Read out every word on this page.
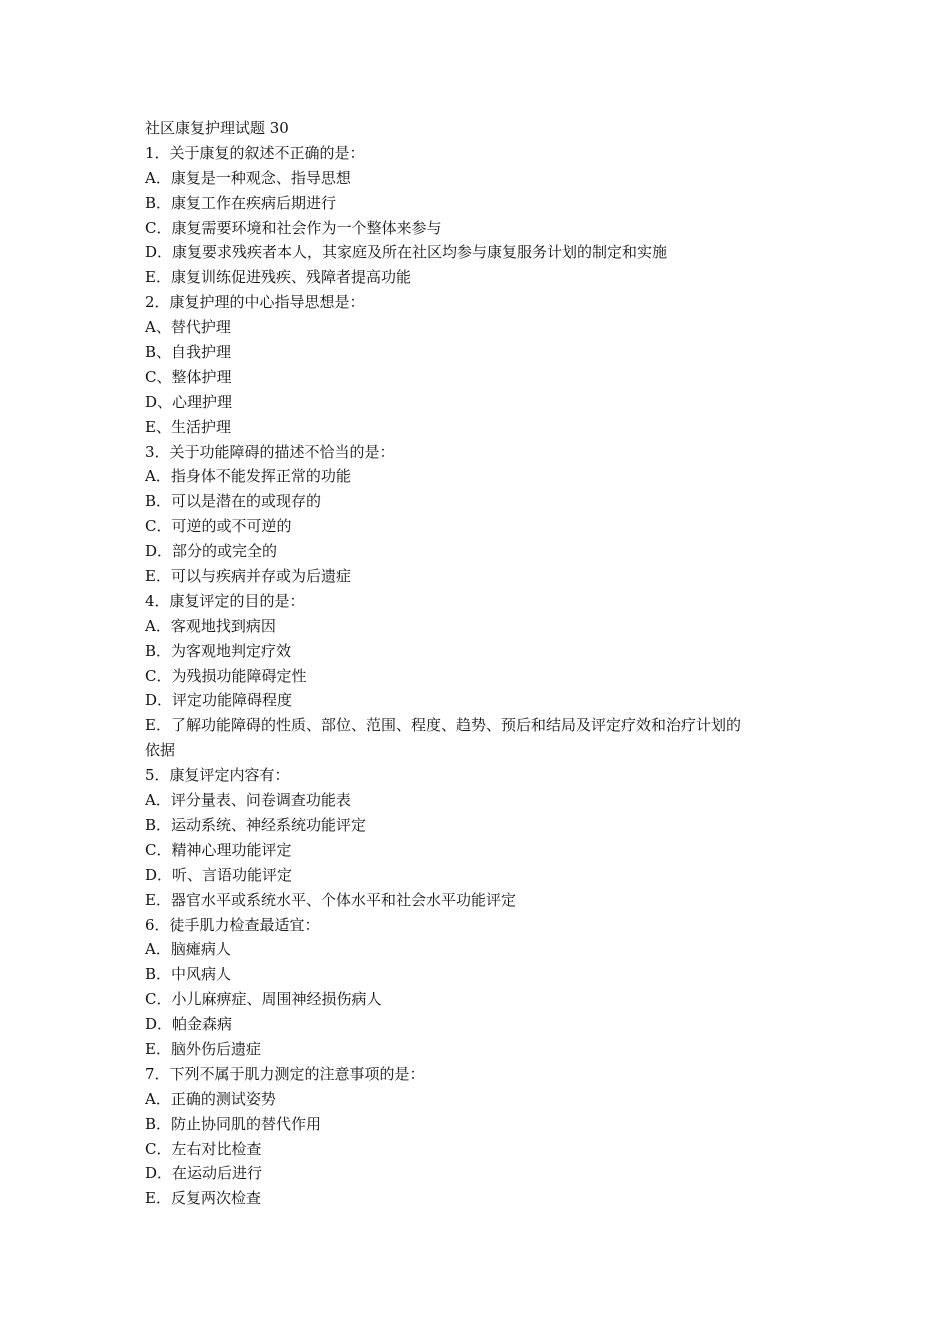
社区康复护理试题 30
1．关于康复的叙述不正确的是：
A．康复是一种观念、指导思想
B．康复工作在疾病后期进行
C．康复需要环境和社会作为一个整体来参与
D．康复要求残疾者本人，其家庭及所在社区均参与康复服务计划的制定和实施
E．康复训练促进残疾、残障者提高功能
2．康复护理的中心指导思想是：
A、替代护理
B、自我护理
C、整体护理
D、心理护理
E、生活护理
3．关于功能障碍的描述不恰当的是：
A．指身体不能发挥正常的功能
B．可以是潜在的或现存的
C．可逆的或不可逆的
D．部分的或完全的
E．可以与疾病并存或为后遗症
4．康复评定的目的是：
A．客观地找到病因
B．为客观地判定疗效
C．为残损功能障碍定性
D．评定功能障碍程度
E．了解功能障碍的性质、部位、范围、程度、趋势、预后和结局及评定疗效和治疗计划的
依据
5．康复评定内容有：
A．评分量表、问卷调查功能表
B．运动系统、神经系统功能评定
C．精神心理功能评定
D．听、言语功能评定
E．器官水平或系统水平、个体水平和社会水平功能评定
6．徒手肌力检查最适宜：
A．脑瘫病人
B．中风病人
C．小儿麻痹症、周围神经损伤病人
D．帕金森病
E．脑外伤后遗症
7．下列不属于肌力测定的注意事项的是：
A．正确的测试姿势
B．防止协同肌的替代作用
C．左右对比检查
D．在运动后进行
E．反复两次检查
